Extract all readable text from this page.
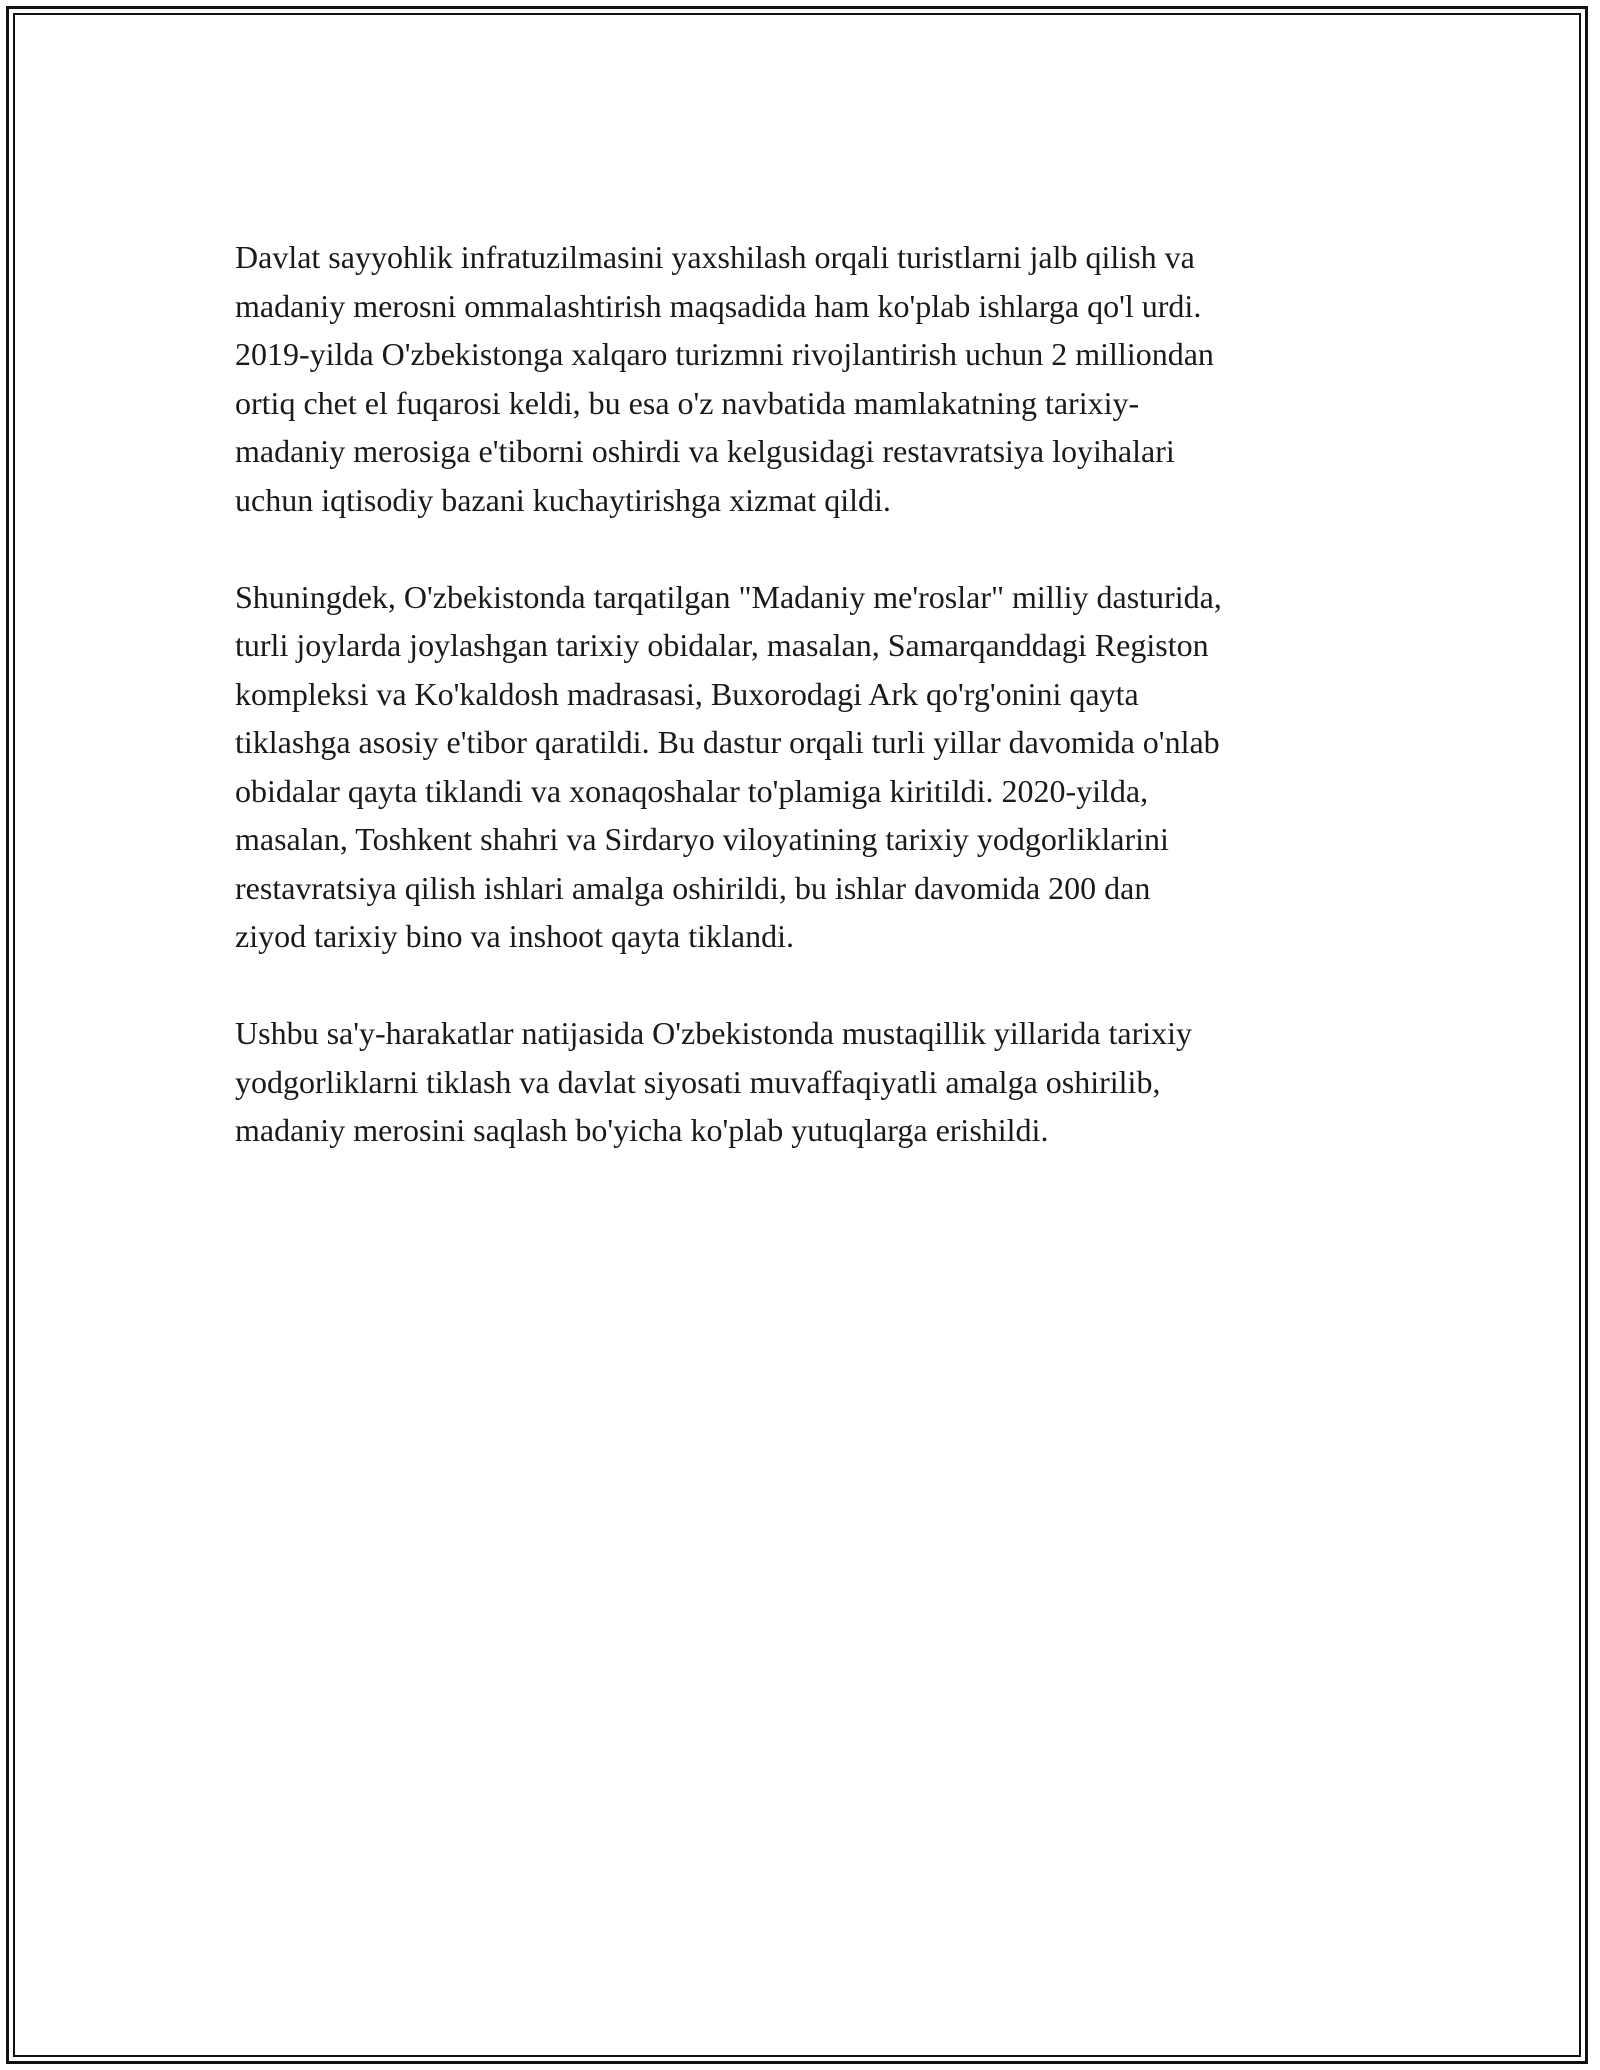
Davlat sayyohlik infratuzilmasini yaxshilash orqali turistlarni jalb qilish va
madaniy merosni ommalashtirish maqsadida ham ko'plab ishlarga qo'l urdi.
2019-yilda O'zbekistonga xalqaro turizmni rivojlantirish uchun 2 milliondan
ortiq chet el fuqarosi keldi, bu esa o'z navbatida mamlakatning tarixiy-
madaniy merosiga e'tiborni oshirdi va kelgusidagi restavratsiya loyihalari
uchun iqtisodiy bazani kuchaytirishga xizmat qildi.

Shuningdek, O'zbekistonda tarqatilgan "Madaniy me'roslar" milliy dasturida,
turli joylarda joylashgan tarixiy obidalar, masalan, Samarqanddagi Registon
kompleksi va Ko'kaldosh madrasasi, Buxorodagi Ark qo'rg'onini qayta
tiklashga asosiy e'tibor qaratildi. Bu dastur orqali turli yillar davomida o'nlab
obidalar qayta tiklandi va xonaqoshalar to'plamiga kiritildi. 2020-yilda,
masalan, Toshkent shahri va Sirdaryo viloyatining tarixiy yodgorliklarini
restavratsiya qilish ishlari amalga oshirildi, bu ishlar davomida 200 dan
ziyod tarixiy bino va inshoot qayta tiklandi.

Ushbu sa'y-harakatlar natijasida O'zbekistonda mustaqillik yillarida tarixiy
yodgorliklarni tiklash va davlat siyosati muvaffaqiyatli amalga oshirilib,
madaniy merosini saqlash bo'yicha ko'plab yutuqlarga erishildi.
